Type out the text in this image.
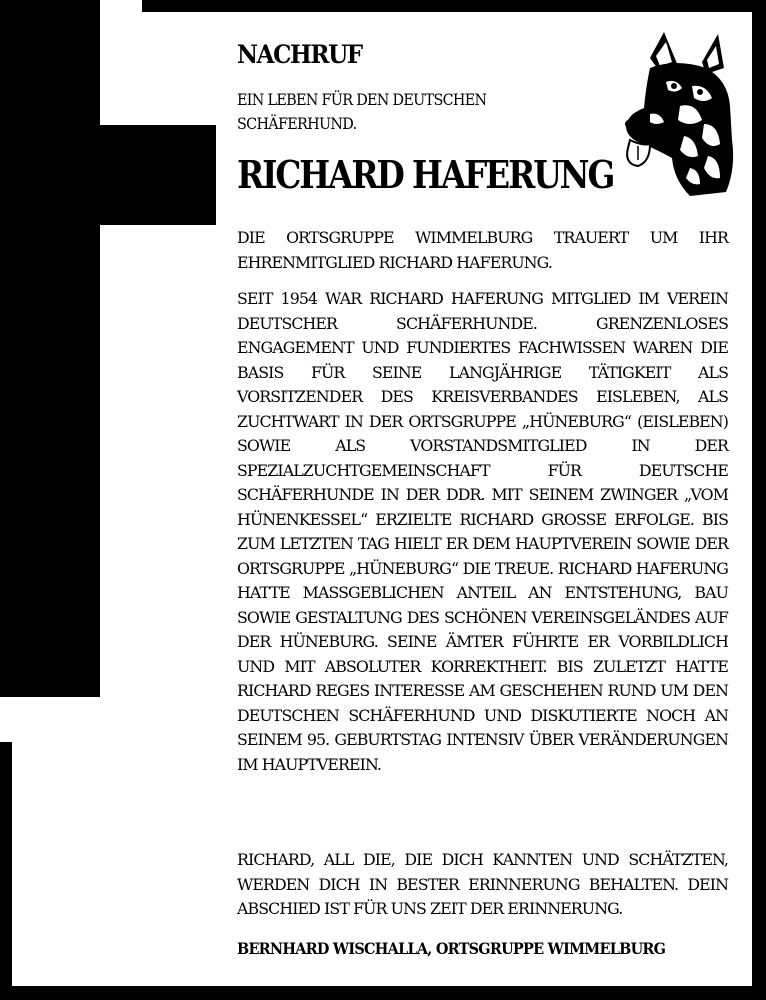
NACHRUF

EIN LEBEN FÜR DEN DEUTSCHEN SCHÄFERHUND.

RICHARD HAFERUNG

DIE ORTSGRUPPE WIMMELBURG TRAUERT UM IHR EHRENMITGLIED RICHARD HAFERUNG.

SEIT 1954 WAR RICHARD HAFERUNG MITGLIED IM VEREIN DEUTSCHER SCHÄFERHUNDE. GRENZENLOSES ENGAGEMENT UND FUNDIERTES FACHWISSEN WAREN DIE BASIS FÜR SEINE LANGJÄHRIGE TÄTIGKEIT ALS VORSITZENDER DES KREISVERBANDES EISLEBEN, ALS ZUCHTWART IN DER ORTSGRUPPE „HÜNEBURG“ (EISLEBEN) SOWIE ALS VORSTANDSMITGLIED IN DER SPEZIALZUCHTGEMEINSCHAFT FÜR DEUTSCHE SCHÄFERHUNDE IN DER DDR. MIT SEINEM ZWINGER „VOM HÜNENKESSEL“ ERZIELTE RICHARD GROSSE ERFOLGE. BIS ZUM LETZTEN TAG HIELT ER DEM HAUPTVEREIN SOWIE DER ORTSGRUPPE „HÜNEBURG“ DIE TREUE. RICHARD HAFERUNG HATTE MASSGEBLICHEN ANTEIL AN ENTSTEHUNG, BAU SOWIE GESTALTUNG DES SCHÖNEN VEREINSGELÄNDES AUF DER HÜNEBURG. SEINE ÄMTER FÜHRTE ER VORBILDLICH UND MIT ABSOLUTER KORREKTHEIT. BIS ZULETZT HATTE RICHARD REGES INTERESSE AM GESCHEHEN RUND UM DEN DEUTSCHEN SCHÄFERHUND UND DISKUTIERTE NOCH AN SEINEM 95. GEBURTSTAG INTENSIV ÜBER VERÄNDERUNGEN IM HAUPTVEREIN.

RICHARD, ALL DIE, DIE DICH KANNTEN UND SCHÄTZTEN, WERDEN DICH IN BESTER ERINNERUNG BEHALTEN. DEIN ABSCHIED IST FÜR UNS ZEIT DER ERINNERUNG.

BERNHARD WISCHALLA, ORTSGRUPPE WIMMELBURG
